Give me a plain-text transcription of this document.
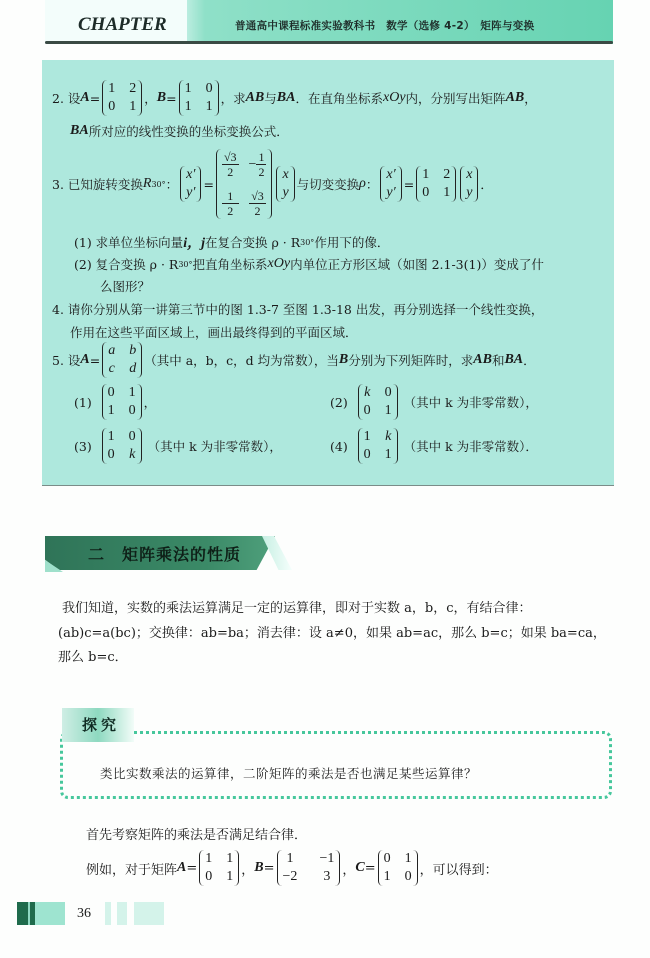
CHAPTER	普通高中课程标准实验教科书　数学（选修 4-2）　矩阵与变换
2. 设 A =
1 2
0 1
， B =
1 0
1 1
，求 AB 与 BA ．在直角坐标系 xOy 内，分别写出矩阵 AB ，
BA 所对应的线性变换的坐标变换公式．
3. 已知旋转变换 R 30° ：
x′
y′
=
$\frac{√3}{2} - \frac{1}{2}$
$\frac{1}{2} \frac{√3}{2}$
x
y
与切变变换 ρ ：
x′
y′
=
1 2
0 1
x
y
．
(1) 求单位坐标向量 i，j 在复合变换 ρ · R 30° 作用下的像．
(2) 复合变换 ρ · R 30° 把直角坐标系 xOy 内单位正方形区域（如图 2.1-3(1)）变成了什
么图形？
4. 请你分别从第一讲第三节中的图 1.3-7 至图 1.3-18 出发，再分别选择一个线性变换，
作用在这些平面区域上，画出最终得到的平面区域．
5. 设 A =
a b
c d
（其中 a，b，c，d 均为常数），当 B 分别为下列矩阵时，求 AB 和 BA ．
(1)

0 1
1 0
，	(2)

k 0
0 1

（其中 k 为非零常数），
(3)

1 0
0 k

（其中 k 为非零常数），	(4)

1 k
0 1

（其中 k 为非零常数）．
二　矩阵乘法的性质
我们知道，实数的乘法运算满足一定的运算律，即对于实数 a，b，c，有结合律：
(ab)c=a(bc)；交换律：ab=ba；消去律：设 a≠0，如果 ab=ac，那么 b=c；如果 ba=ca，
那么 b=c．
探究
类比实数乘法的运算律，二阶矩阵的乘法是否也满足某些运算律？
首先考察矩阵的乘法是否满足结合律．
例如，对于矩阵 A =
1 1
0 1 ， B =
1 −1
−2 3 ， C =
0 1
1 0 ，可以得到：
36
